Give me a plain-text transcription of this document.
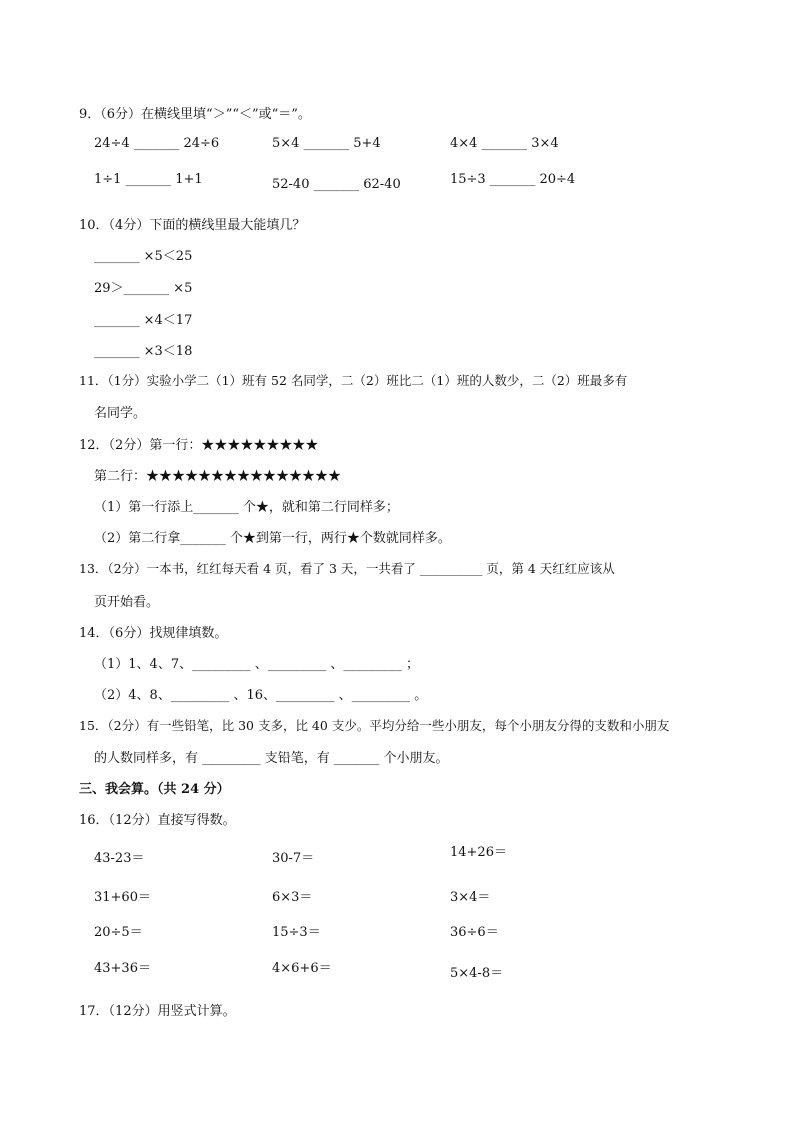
9．（6分）在横线里填“＞”“＜”或“＝”。
24÷4 _______ 24÷6	5×4 _______ 5+4	4×4 _______ 3×4
1÷1 _______ 1+1	52-40 _______ 62-40	15÷3 _______ 20÷4
10．（4分）下面的横线里最大能填几？
_______ ×5＜25
29＞_______ ×5
_______ ×4＜17
_______ ×3＜18
11．（1分）实验小学二（1）班有 52 名同学，二（2）班比二（1）班的人数少，二（2）班最多有
名同学。
12．（2分）第一行：★★★★★★★★★
第二行：★★★★★★★★★★★★★★★
（1）第一行添上_______ 个★，就和第二行同样多；
（2）第二行拿_______ 个★到第一行，两行★个数就同样多。
13．（2分）一本书，红红每天看 4 页，看了 3 天，一共看了 __________ 页，第 4 天红红应该从
页开始看。
14．（6分）找规律填数。
（1）1、4、7、_________ 、_________ 、_________ ；
（2）4、8、_________ 、16、_________ 、_________ 。
15．（2分）有一些铅笔，比 30 支多，比 40 支少。平均分给一些小朋友，每个小朋友分得的支数和小朋友
的人数同样多，有 _________ 支铅笔，有 _______ 个小朋友。
三、我会算。（共 24 分）
16．（12分）直接写得数。
43-23＝	30-7＝	14+26＝
31+60＝	6×3＝	3×4＝
20÷5＝	15÷3＝	36÷6＝
43+36＝	4×6+6＝	5×4-8＝
17．（12分）用竖式计算。
